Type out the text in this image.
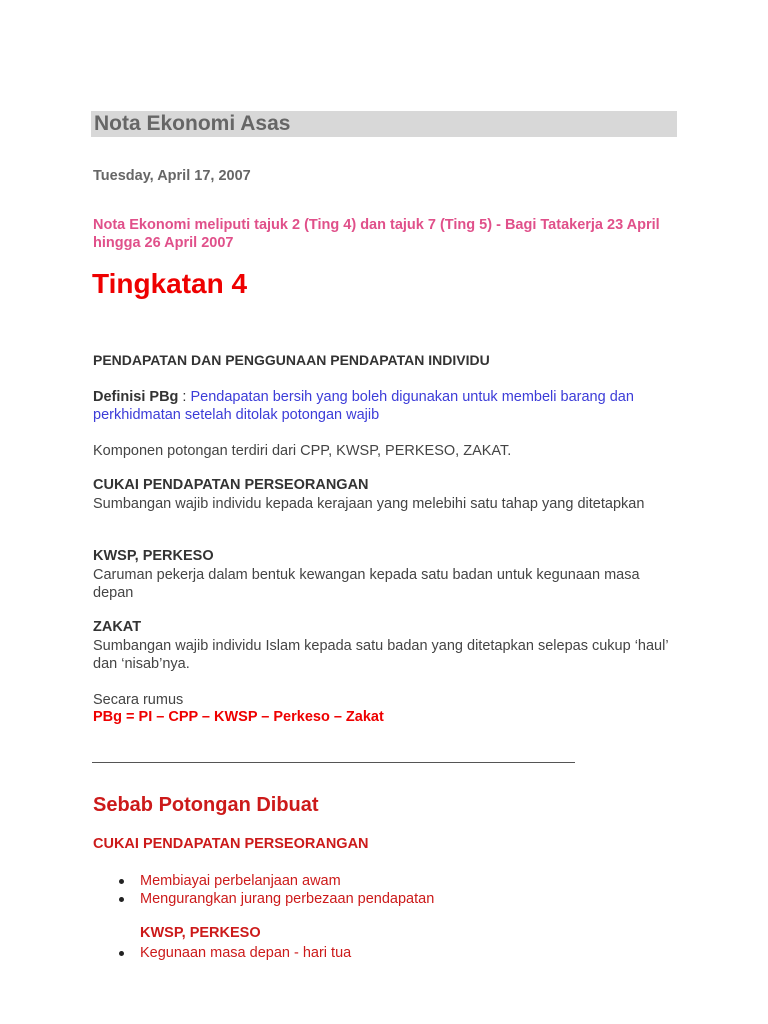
Nota Ekonomi Asas
Tuesday, April 17, 2007
Nota Ekonomi meliputi tajuk 2 (Ting 4) dan tajuk 7 (Ting 5) - Bagi Tatakerja 23 April hingga 26 April 2007
Tingkatan 4
PENDAPATAN DAN PENGGUNAAN PENDAPATAN INDIVIDU
Definisi PBg : Pendapatan bersih yang boleh digunakan untuk membeli barang dan perkhidmatan setelah ditolak potongan wajib
Komponen potongan terdiri dari CPP, KWSP, PERKESO, ZAKAT.
CUKAI PENDAPATAN PERSEORANGAN
Sumbangan wajib individu kepada kerajaan yang melebihi satu tahap yang ditetapkan
KWSP, PERKESO
Caruman pekerja dalam bentuk kewangan kepada satu badan untuk kegunaan masa depan
ZAKAT
Sumbangan wajib individu Islam kepada satu badan yang ditetapkan selepas cukup ‘haul’ dan ‘nisab’nya.
Secara rumus
PBg = PI – CPP – KWSP – Perkeso – Zakat
Sebab Potongan Dibuat
CUKAI PENDAPATAN PERSEORANGAN
Membiayai perbelanjaan awam
Mengurangkan jurang perbezaan pendapatan
KWSP, PERKESO
Kegunaan masa depan - hari tua
